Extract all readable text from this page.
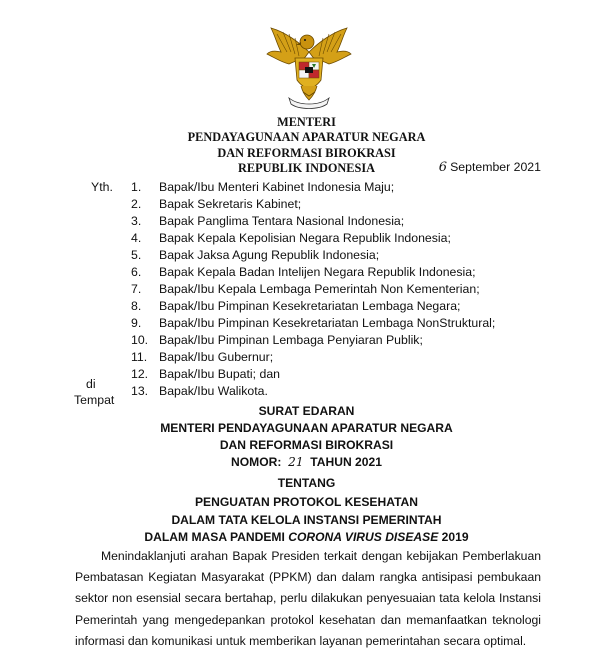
MENTERI
PENDAYAGUNAAN APARATUR NEGARA
DAN REFORMASI BIROKRASI
REPUBLIK INDONESIA	6 September 2021
Yth. 1. Bapak/Ibu Menteri Kabinet Indonesia Maju;
2. Bapak Sekretaris Kabinet;
3. Bapak Panglima Tentara Nasional Indonesia;
4. Bapak Kepala Kepolisian Negara Republik Indonesia;
5. Bapak Jaksa Agung Republik Indonesia;
6. Bapak Kepala Badan Intelijen Negara Republik Indonesia;
7. Bapak/Ibu Kepala Lembaga Pemerintah Non Kementerian;
8. Bapak/Ibu Pimpinan Kesekretariatan Lembaga Negara;
9. Bapak/Ibu Pimpinan Kesekretariatan Lembaga NonStruktural;
10. Bapak/Ibu Pimpinan Lembaga Penyiaran Publik;
11. Bapak/Ibu Gubernur;
12. Bapak/Ibu Bupati; dan
13. Bapak/Ibu Walikota.
di
Tempat
SURAT EDARAN
MENTERI PENDAYAGUNAAN APARATUR NEGARA
DAN REFORMASI BIROKRASI
NOMOR: 21 TAHUN 2021
TENTANG
PENGUATAN PROTOKOL KESEHATAN
DALAM TATA KELOLA INSTANSI PEMERINTAH
DALAM MASA PANDEMI CORONA VIRUS DISEASE 2019
Menindaklanjuti arahan Bapak Presiden terkait dengan kebijakan Pemberlakuan Pembatasan Kegiatan Masyarakat (PPKM) dan dalam rangka antisipasi pembukaan sektor non esensial secara bertahap, perlu dilakukan penyesuaian tata kelola Instansi Pemerintah yang mengedepankan protokol kesehatan dan memanfaatkan teknologi informasi dan komunikasi untuk memberikan layanan pemerintahan secara optimal.
